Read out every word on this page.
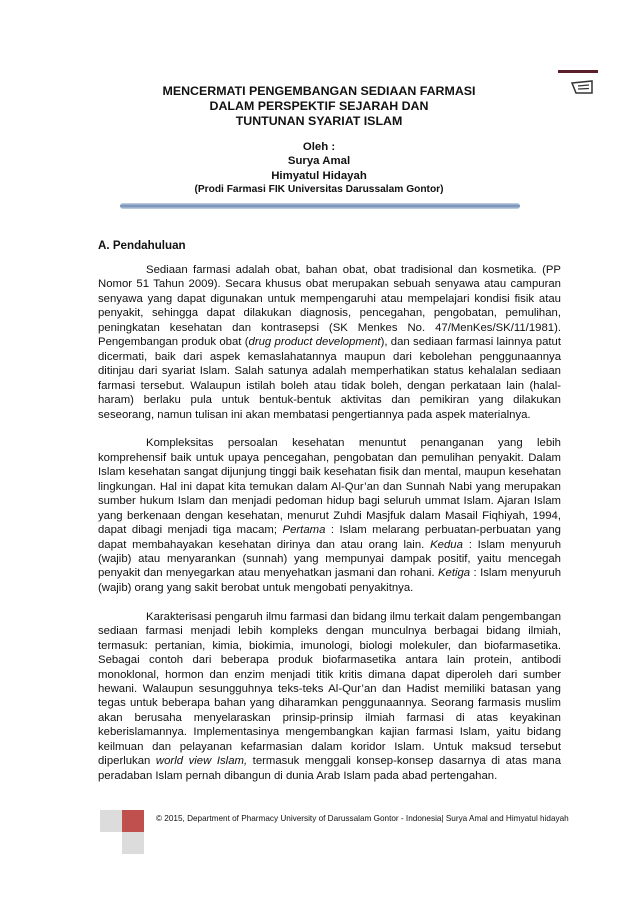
MENCERMATI PENGEMBANGAN SEDIAAN FARMASI
DALAM PERSPEKTIF SEJARAH DAN
TUNTUNAN SYARIAT ISLAM
Oleh :
Surya Amal
Himyatul Hidayah
(Prodi Farmasi FIK Universitas Darussalam Gontor)
A. Pendahuluan

Sediaan farmasi adalah obat, bahan obat, obat tradisional dan kosmetika. (PP Nomor 51 Tahun 2009). Secara khusus obat merupakan sebuah senyawa atau campuran senyawa yang dapat digunakan untuk mempengaruhi atau mempelajari kondisi fisik atau penyakit, sehingga dapat dilakukan diagnosis, pencegahan, pengobatan, pemulihan, peningkatan kesehatan dan kontrasepsi (SK Menkes No. 47/MenKes/SK/11/1981). Pengembangan produk obat (drug product development), dan sediaan farmasi lainnya patut dicermati, baik dari aspek kemaslahatannya maupun dari kebolehan penggunaannya ditinjau dari syariat Islam. Salah satunya adalah memperhatikan status kehalalan sediaan farmasi tersebut. Walaupun istilah boleh atau tidak boleh, dengan perkataan lain (halal-haram) berlaku pula untuk bentuk-bentuk aktivitas dan pemikiran yang dilakukan seseorang, namun tulisan ini akan membatasi pengertiannya pada aspek materialnya.

Kompleksitas persoalan kesehatan menuntut penanganan yang lebih komprehensif baik untuk upaya pencegahan, pengobatan dan pemulihan penyakit. Dalam Islam kesehatan sangat dijunjung tinggi baik kesehatan fisik dan mental, maupun kesehatan lingkungan. Hal ini dapat kita temukan dalam Al-Qur’an dan Sunnah Nabi yang merupakan sumber hukum Islam dan menjadi pedoman hidup bagi seluruh ummat Islam. Ajaran Islam yang berkenaan dengan kesehatan, menurut Zuhdi Masjfuk dalam Masail Fiqhiyah, 1994, dapat dibagi menjadi tiga macam; Pertama : Islam melarang perbuatan-perbuatan yang dapat membahayakan kesehatan dirinya dan atau orang lain. Kedua : Islam menyuruh (wajib) atau menyarankan (sunnah) yang mempunyai dampak positif, yaitu mencegah penyakit dan menyegarkan atau menyehatkan jasmani dan rohani. Ketiga : Islam menyuruh (wajib) orang yang sakit berobat untuk mengobati penyakitnya.

Karakterisasi pengaruh ilmu farmasi dan bidang ilmu terkait dalam pengembangan sediaan farmasi menjadi lebih kompleks dengan munculnya berbagai bidang ilmiah, termasuk: pertanian, kimia, biokimia, imunologi, biologi molekuler, dan biofarmasetika. Sebagai contoh dari beberapa produk biofarmasetika antara lain protein, antibodi monoklonal, hormon dan enzim menjadi titik kritis dimana dapat diperoleh dari sumber hewani. Walaupun sesungguhnya teks-teks Al-Qur’an dan Hadist memiliki batasan yang tegas untuk beberapa bahan yang diharamkan penggunaannya. Seorang farmasis muslim akan berusaha menyelaraskan prinsip-prinsip ilmiah farmasi di atas keyakinan keberislamannya. Implementasinya mengembangkan kajian farmasi Islam, yaitu bidang keilmuan dan pelayanan kefarmasian dalam koridor Islam. Untuk maksud tersebut diperlukan world view Islam, termasuk menggali konsep-konsep dasarnya di atas mana peradaban Islam pernah dibangun di dunia Arab Islam pada abad pertengahan.

© 2015, Department of Pharmacy University of Darussalam Gontor - Indonesia| Surya Amal and Himyatul hidayah
